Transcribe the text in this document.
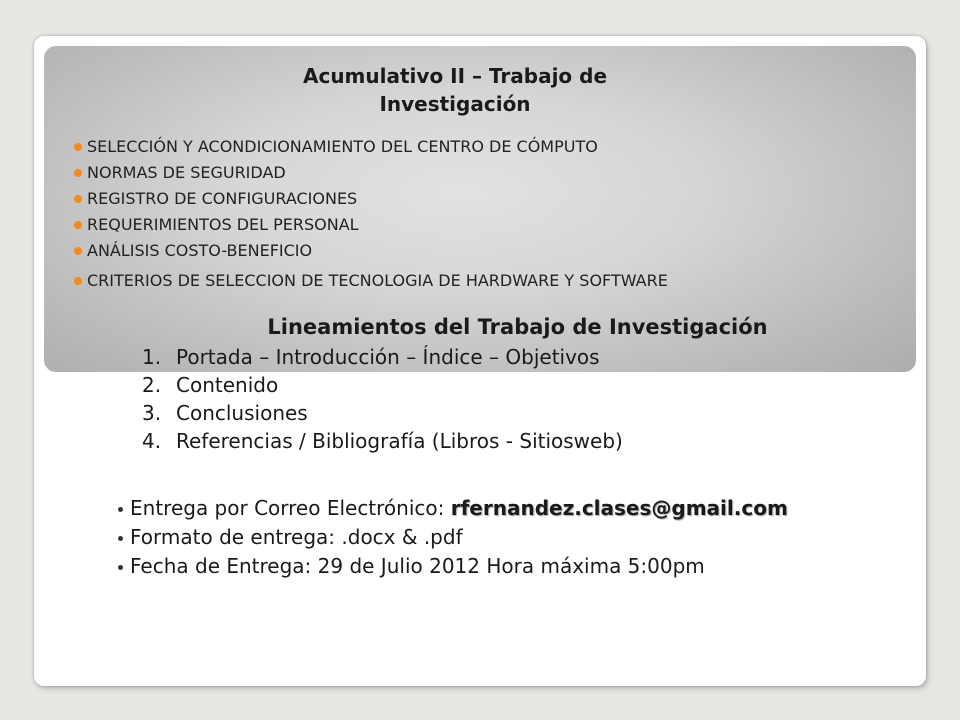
Acumulativo II – Trabajo de
Investigación
SELECCIÓN Y ACONDICIONAMIENTO DEL CENTRO DE CÓMPUTO
NORMAS DE SEGURIDAD
REGISTRO DE CONFIGURACIONES
REQUERIMIENTOS DEL PERSONAL
ANÁLISIS COSTO-BENEFICIO
CRITERIOS DE SELECCION DE TECNOLOGIA DE HARDWARE Y SOFTWARE
Lineamientos del Trabajo de Investigación
1. Portada – Introducción – Índice – Objetivos
2. Contenido
3. Conclusiones
4. Referencias / Bibliografía (Libros - Sitiosweb)
Entrega por Correo Electrónico: rfernandez.clases@gmail.com
Formato de entrega: .docx & .pdf
Fecha de Entrega: 29 de Julio 2012 Hora máxima 5:00pm
